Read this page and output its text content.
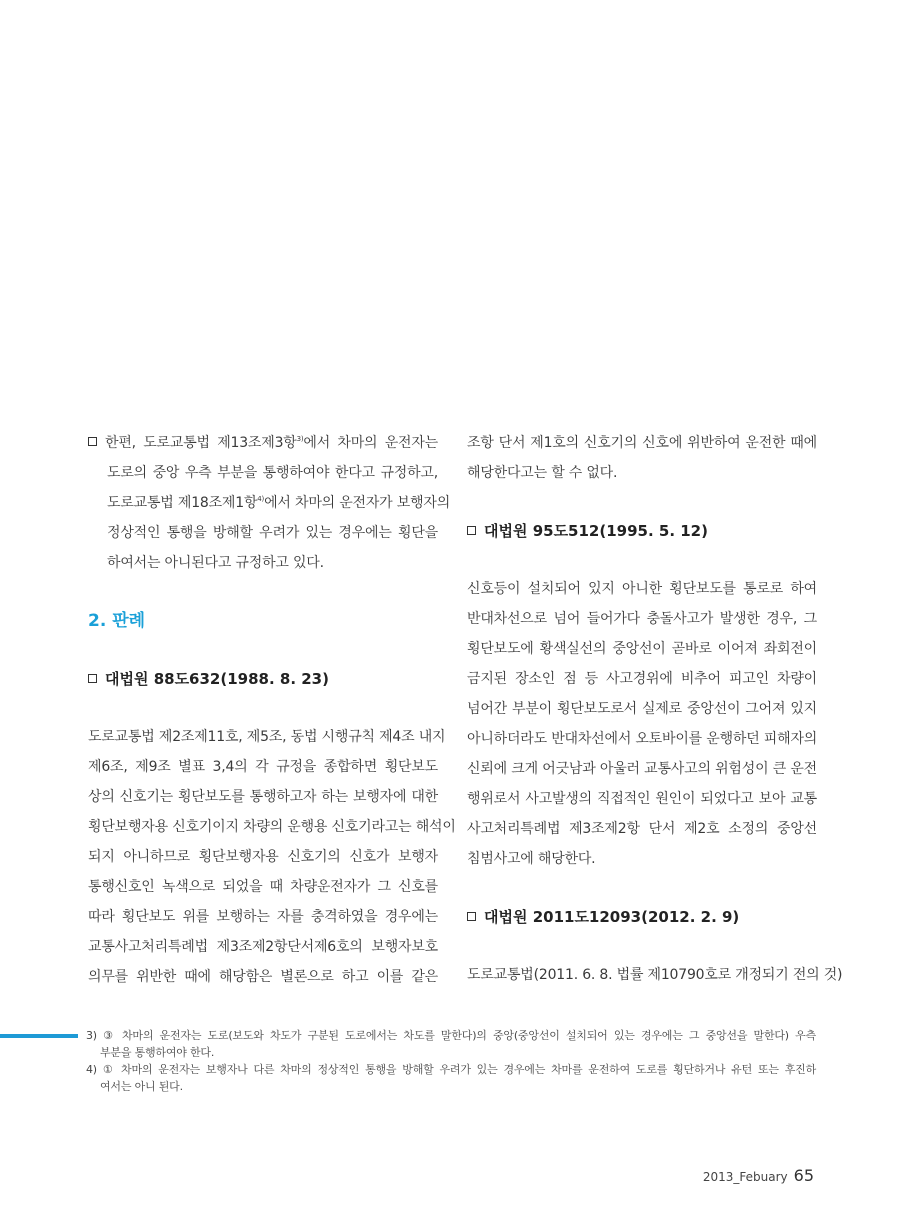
한편, 도로교통법 제13조제3항$^{3)}$에서 차마의 운전자는
도로의 중앙 우측 부분을 통행하여야 한다고 규정하고,
도로교통법 제18조제1항$^{4)}$에서 차마의 운전자가 보행자의
정상적인 통행을 방해할 우려가 있는 경우에는 횡단을
하여서는 아니된다고 규정하고 있다.
2. 판례
대법원 88도632(1988. 8. 23)
도로교통법 제2조제11호, 제5조, 동법 시행규칙 제4조 내지
제6조, 제9조 별표 3,4의 각 규정을 종합하면 횡단보도
상의 신호기는 횡단보도를 통행하고자 하는 보행자에 대한
횡단보행자용 신호기이지 차량의 운행용 신호기라고는 해석이
되지 아니하므로 횡단보행자용 신호기의 신호가 보행자
통행신호인 녹색으로 되었을 때 차량운전자가 그 신호를
따라 횡단보도 위를 보행하는 자를 충격하였을 경우에는
교통사고처리특례법 제3조제2항단서제6호의 보행자보호
의무를 위반한 때에 해당함은 별론으로 하고 이를 같은
조항 단서 제1호의 신호기의 신호에 위반하여 운전한 때에
해당한다고는 할 수 없다.
대법원 95도512(1995. 5. 12)
신호등이 설치되어 있지 아니한 횡단보도를 통로로 하여
반대차선으로 넘어 들어가다 충돌사고가 발생한 경우, 그
횡단보도에 황색실선의 중앙선이 곧바로 이어져 좌회전이
금지된 장소인 점 등 사고경위에 비추어 피고인 차량이
넘어간 부분이 횡단보도로서 실제로 중앙선이 그어져 있지
아니하더라도 반대차선에서 오토바이를 운행하던 피해자의
신뢰에 크게 어긋남과 아울러 교통사고의 위험성이 큰 운전
행위로서 사고발생의 직접적인 원인이 되었다고 보아 교통
사고처리특례법 제3조제2항 단서 제2호 소정의 중앙선
침범사고에 해당한다.
대법원 2011도12093(2012. 2. 9)
도로교통법(2011. 6. 8. 법률 제10790호로 개정되기 전의 것)
3) ③ 차마의 운전자는 도로(보도와 차도가 구분된 도로에서는 차도를 말한다)의 중앙(중앙선이 설치되어 있는 경우에는 그 중앙선을 말한다) 우측
부분을 통행하여야 한다.
4) ① 차마의 운전자는 보행자나 다른 차마의 정상적인 통행을 방해할 우려가 있는 경우에는 차마를 운전하여 도로를 횡단하거나 유턴 또는 후진하
여서는 아니 된다.
2013_Febuary 65
